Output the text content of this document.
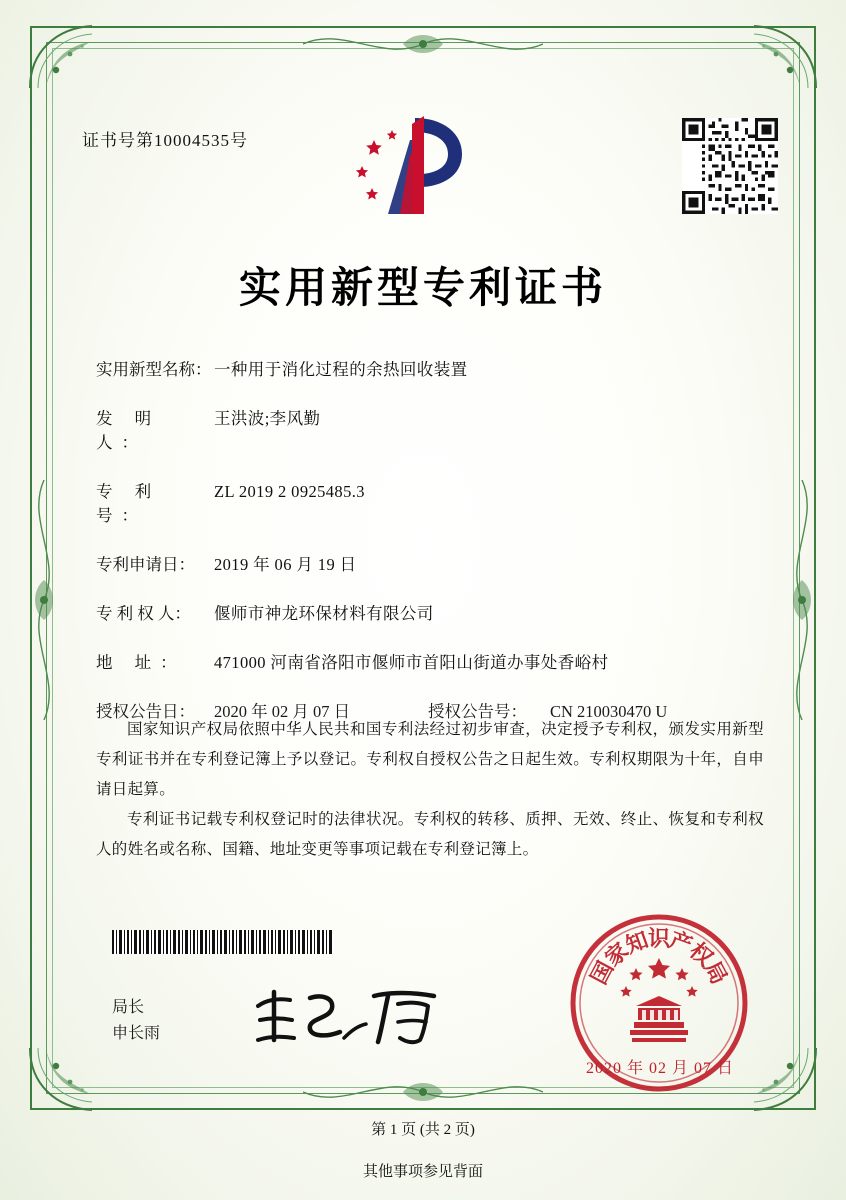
证书号第10004535号
实用新型专利证书
实用新型名称： 一种用于消化过程的余热回收装置
发 明 人：
王洪波;李风勤
专 利 号：
ZL 2019 2 0925485.3
专利申请日：	2019 年 06 月 19 日
专 利 权 人：	偃师市神龙环保材料有限公司
地 址：	471000 河南省洛阳市偃师市首阳山街道办事处香峪村
授权公告日：	2020 年 02 月 07 日	授权公告号：	CN 210030470 U

国家知识产权局依照中华人民共和国专利法经过初步审查，决定授予专利权，颁发实用新型专利证书并在专利登记簿上予以登记。专利权自授权公告之日起生效。专利权期限为十年，自申请日起算。

专利证书记载专利权登记时的法律状况。专利权的转移、质押、无效、终止、恢复和专利权人的姓名或名称、国籍、地址变更等事项记载在专利登记簿上。

局长
申长雨
国
家
知
识
产
权
局
2020 年 02 月 07 日
第 1 页 (共 2 页)
其他事项参见背面
